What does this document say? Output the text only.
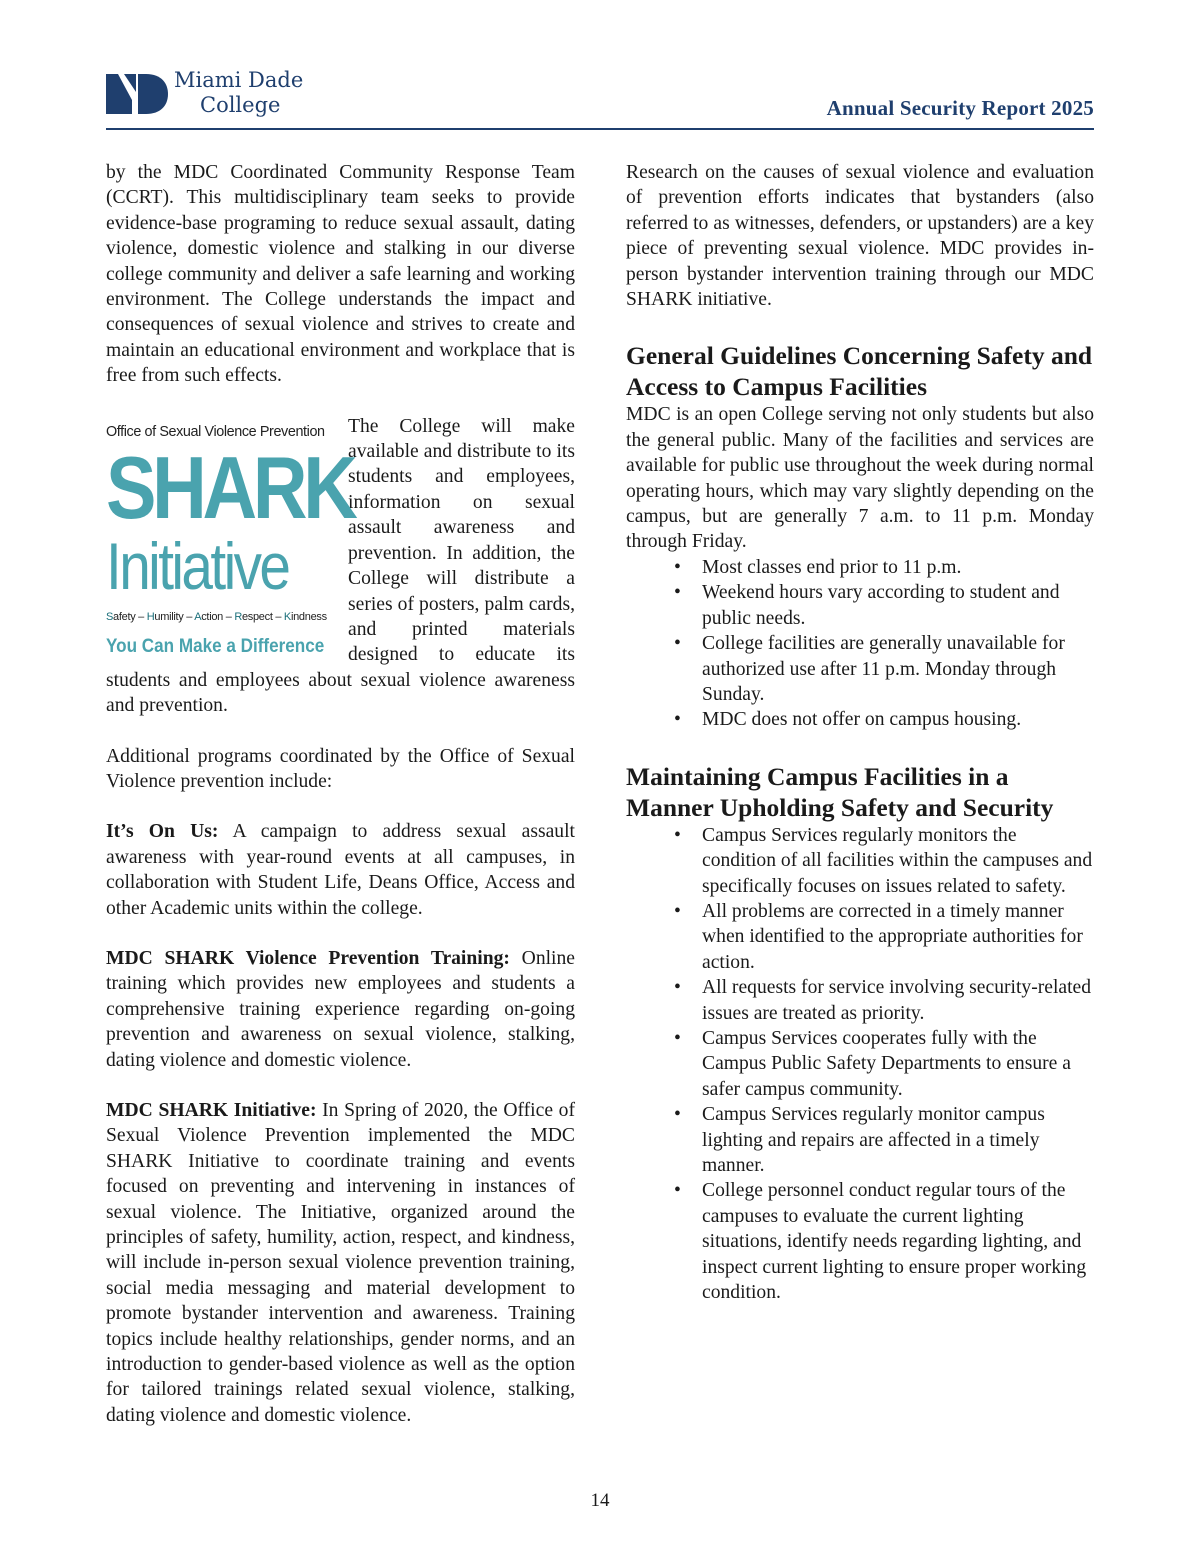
Miami Dade
College	Annual Security Report 2025

by the MDC Coordinated Community Response Team (CCRT). This multidisciplinary team seeks to provide evidence-base programing to reduce sexual assault, dating violence, domestic violence and stalking in our diverse college community and deliver a safe learning and working environment. The College understands the impact and consequences of sexual violence and strives to create and maintain an educational environment and workplace that is free from such effects.

Office of Sexual Violence Prevention
SHARK
Initiative
Safety – Humility – Action – Respect – Kindness
You Can Make a Difference

The College will make available and distribute to its students and employees, information on sexual assault awareness and prevention. In addition, the College will distribute a series of posters, palm cards, and printed materials designed to educate its students and employees about sexual violence awareness and prevention.

Additional programs coordinated by the Office of Sexual Violence prevention include:

It’s On Us: A campaign to address sexual assault awareness with year-round events at all campuses, in collaboration with Student Life, Deans Office, Access and other Academic units within the college.

MDC SHARK Violence Prevention Training: Online training which provides new employees and students a comprehensive training experience regarding on-going prevention and awareness on sexual violence, stalking, dating violence and domestic violence.

MDC SHARK Initiative: In Spring of 2020, the Office of Sexual Violence Prevention implemented the MDC SHARK Initiative to coordinate training and events focused on preventing and intervening in instances of sexual violence. The Initiative, organized around the principles of safety, humility, action, respect, and kindness, will include in-person sexual violence prevention training, social media messaging and material development to promote bystander intervention and awareness. Training topics include healthy relationships, gender norms, and an introduction to gender-based violence as well as the option for tailored trainings related sexual violence, stalking, dating violence and domestic violence.

Research on the causes of sexual violence and evaluation of prevention efforts indicates that bystanders (also referred to as witnesses, defenders, or upstanders) are a key piece of preventing sexual violence. MDC provides in-person bystander intervention training through our MDC SHARK initiative.

General Guidelines Concerning Safety and Access to Campus Facilities

MDC is an open College serving not only students but also the general public. Many of the facilities and services are available for public use throughout the week during normal operating hours, which may vary slightly depending on the campus, but are generally 7 a.m. to 11 p.m. Monday through Friday.

• Most classes end prior to 11 p.m.
• Weekend hours vary according to student and public needs.
• College facilities are generally unavailable for authorized use after 11 p.m. Monday through Sunday.
• MDC does not offer on campus housing.
Maintaining Campus Facilities in a Manner Upholding Safety and Security
• Campus Services regularly monitors the condition of all facilities within the campuses and specifically focuses on issues related to safety.
• All problems are corrected in a timely manner when identified to the appropriate authorities for action.
• All requests for service involving security-related issues are treated as priority.
• Campus Services cooperates fully with the Campus Public Safety Departments to ensure a safer campus community.
• Campus Services regularly monitor campus lighting and repairs are affected in a timely manner.
• College personnel conduct regular tours of the campuses to evaluate the current lighting situations, identify needs regarding lighting, and inspect current lighting to ensure proper working condition.
14
